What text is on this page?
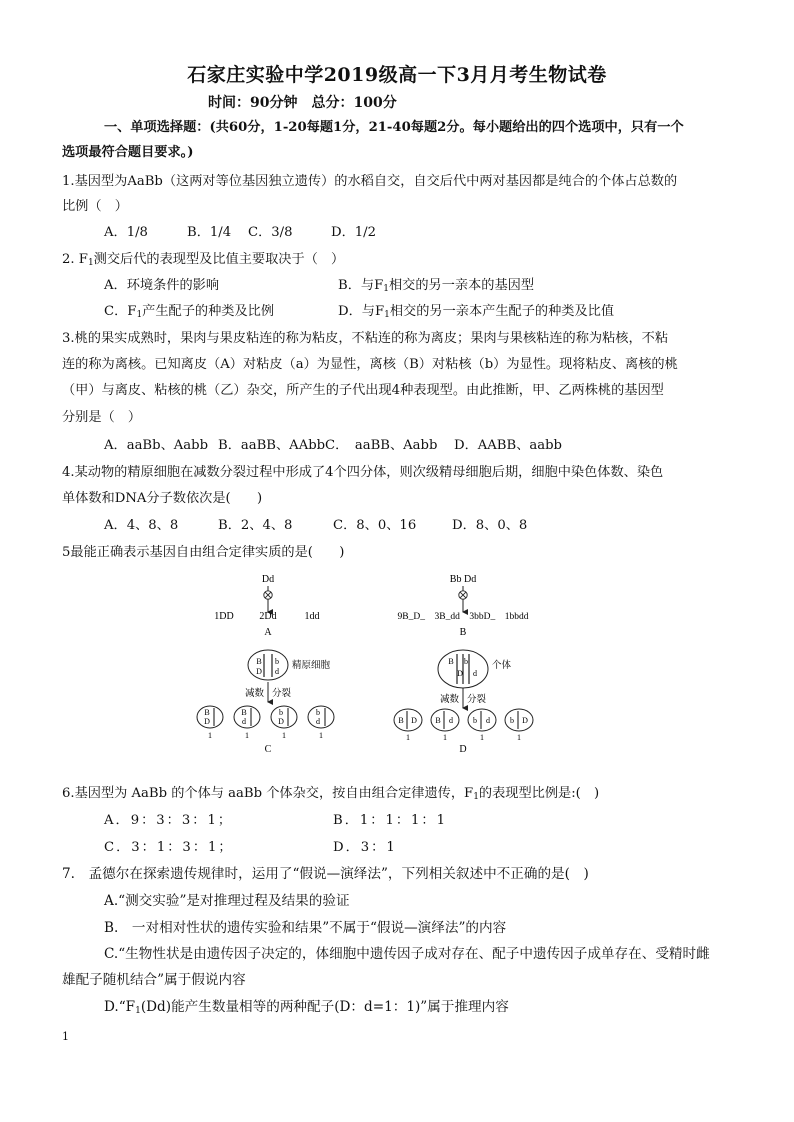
石家庄实验中学2019级高一下3月月考生物试卷
时间：90分钟　总分：100分
一、单项选择题：(共60分，1-20每题1分，21-40每题2分。每小题给出的四个选项中，只有一个
选项最符合题目要求。)
1.基因型为AaBb（这两对等位基因独立遗传）的水稻自交，自交后代中两对基因都是纯合的个体占总数的
比例（　）
A．1/8	B．1/4 C．3/8	D．1/2
2. $F_1$测交后代的表现型及比值主要取决于（　）
A．环境条件的影响	B．与$F_1$相交的另一亲本的基因型
C．$F_1$产生配子的种类及比例	D．与$F_1$相交的另一亲本产生配子的种类及比值
3.桃的果实成熟时，果肉与果皮粘连的称为粘皮，不粘连的称为离皮；果肉与果核粘连的称为粘核，不粘
连的称为离核。已知离皮（A）对粘皮（a）为显性，离核（B）对粘核（b）为显性。现将粘皮、离核的桃
（甲）与离皮、粘核的桃（乙）杂交，所产生的子代出现4种表现型。由此推断，甲、乙两株桃的基因型
分别是（　）
A．aaBb、Aabb B．aaBB、AAbb C．　aaBB、Aabb D．AABB、aabb
4.某动物的精原细胞在减数分裂过程中形成了4个四分体，则次级精母细胞后期，细胞中染色体数、染色
单体数和DNA分子数依次是(　　)
A．4、8、8	B．2、4、8	C．8、0、16	D．8、0、8
5最能正确表示基因自由组合定律实质的是(　　)
Dd
1DD	2Dd	1dd
A
Bb Dd
9B_D_　3B_dd　3bbD_　1bbdd
B
B b
D d
精原细胞
减数 分裂
B
D
B
d
b
D
b
d
1	1	1	1
C
B b
D d
个体
减数 分裂
B D B d	b d	b D
1	1	1	1
D
6.基因型为 AaBb 的个体与 aaBb 个体杂交，按自由组合定律遗传，$F_1$的表现型比例是:(　)
A．9：3：3：1；	B．1：1：1：1
C．3：1：3：1；	D．3：1
7.　孟德尔在探索遗传规律时，运用了“假说—演绎法”，下列相关叙述中不正确的是(　)
A.“测交实验”是对推理过程及结果的验证
B.　一对相对性状的遗传实验和结果”不属于“假说—演绎法”的内容
C.“生物性状是由遗传因子决定的，体细胞中遗传因子成对存在、配子中遗传因子成单存在、受精时雌
雄配子随机结合”属于假说内容
$D.“F_1(Dd)$能产生数量相等的两种配子(D：d=1：1)”属于推理内容
1
